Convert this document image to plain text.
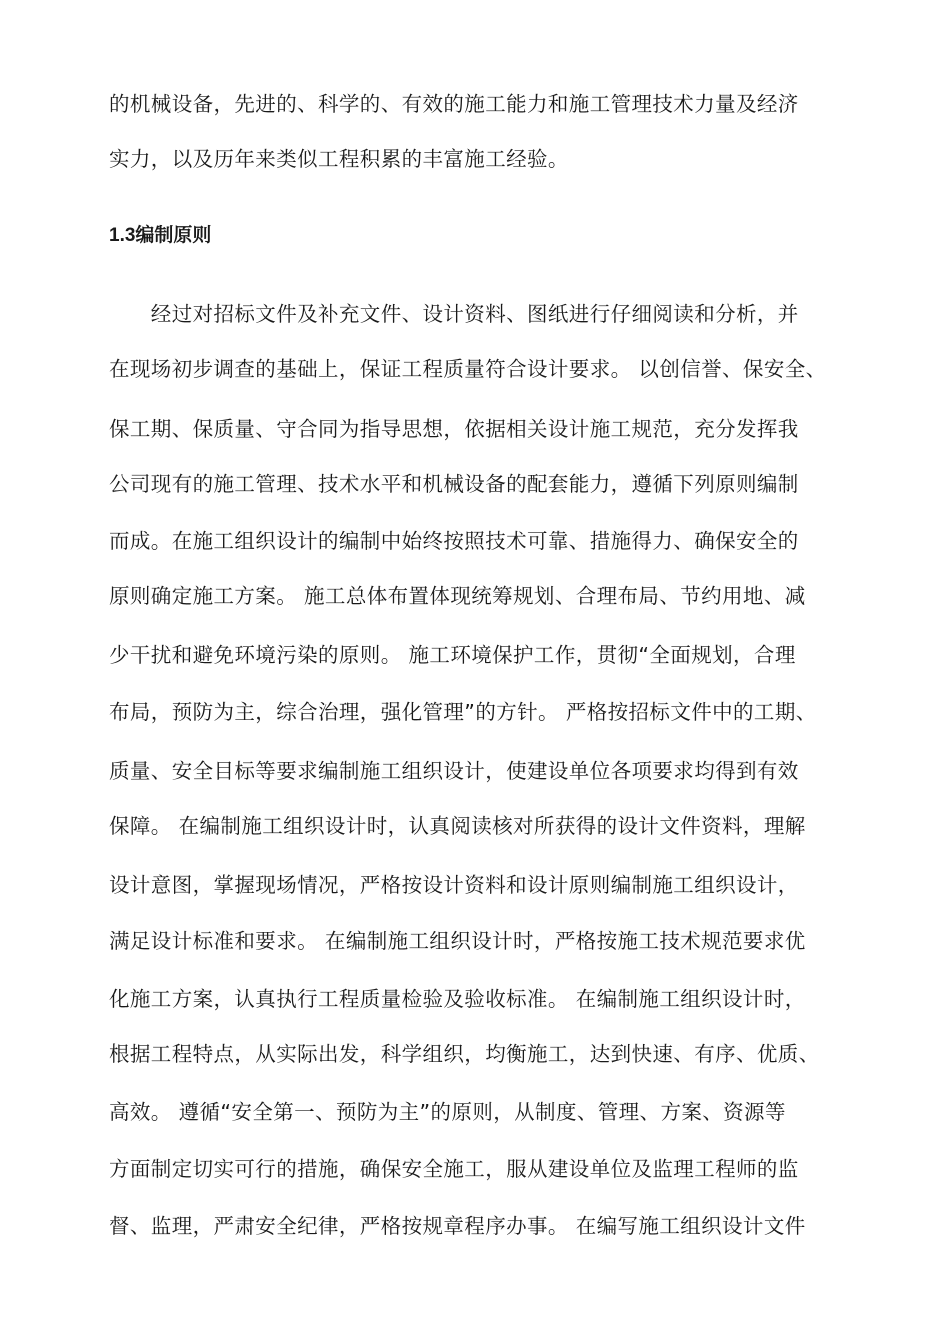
的机械设备，先进的、科学的、有效的施工能力和施工管理技术力量及经济
实力，以及历年来类似工程积累的丰富施工经验。
1.3编制原则
　　经过对招标文件及补充文件、设计资料、图纸进行仔细阅读和分析，并
在现场初步调查的基础上，保证工程质量符合设计要求。 以创信誉、保安全、
保工期、保质量、守合同为指导思想，依据相关设计施工规范，充分发挥我
公司现有的施工管理、技术水平和机械设备的配套能力，遵循下列原则编制
而成。在施工组织设计的编制中始终按照技术可靠、措施得力、确保安全的
原则确定施工方案。 施工总体布置体现统筹规划、合理布局、节约用地、减
少干扰和避免环境污染的原则。 施工环境保护工作，贯彻“全面规划，合理
布局，预防为主，综合治理，强化管理”的方针。 严格按招标文件中的工期、
质量、安全目标等要求编制施工组织设计，使建设单位各项要求均得到有效
保障。 在编制施工组织设计时，认真阅读核对所获得的设计文件资料，理解
设计意图，掌握现场情况，严格按设计资料和设计原则编制施工组织设计，
满足设计标准和要求。 在编制施工组织设计时，严格按施工技术规范要求优
化施工方案，认真执行工程质量检验及验收标准。 在编制施工组织设计时，
根据工程特点，从实际出发，科学组织，均衡施工，达到快速、有序、优质、
高效。 遵循“安全第一、预防为主”的原则，从制度、管理、方案、资源等
方面制定切实可行的措施，确保安全施工，服从建设单位及监理工程师的监
督、监理，严肃安全纪律，严格按规章程序办事。 在编写施工组织设计文件
